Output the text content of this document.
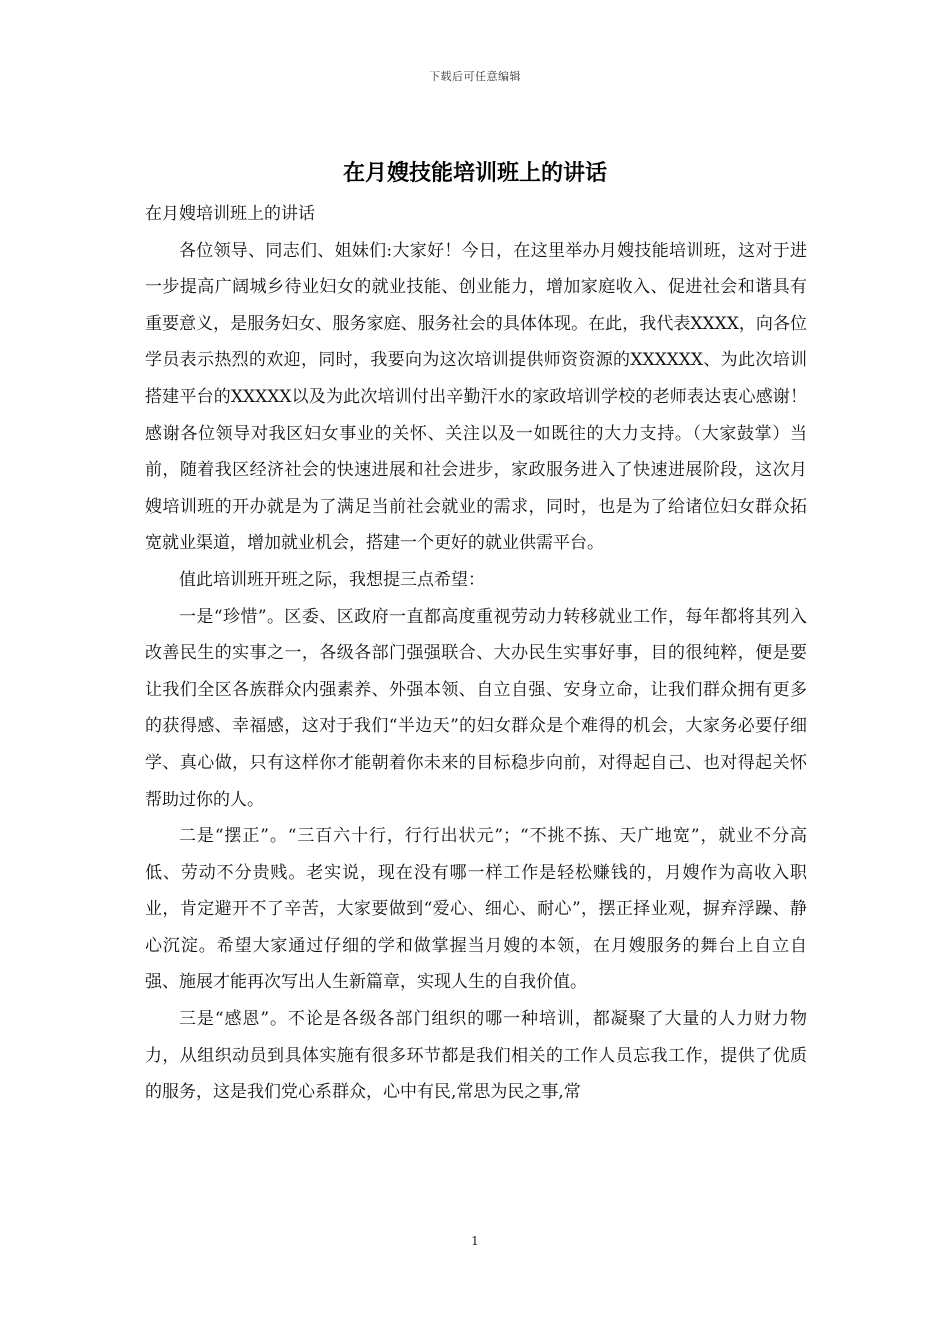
下载后可任意编辑
在月嫂技能培训班上的讲话

在月嫂培训班上的讲话

各位领导、同志们、姐妹们:大家好！今日，在这里举办月嫂技能培训班，这对于进一步提高广阔城乡待业妇女的就业技能、创业能力，增加家庭收入、促进社会和谐具有重要意义，是服务妇女、服务家庭、服务社会的具体体现。在此，我代表XXXX，向各位学员表示热烈的欢迎，同时，我要向为这次培训提供师资资源的XXXXXX、为此次培训搭建平台的XXXXX以及为此次培训付出辛勤汗水的家政培训学校的老师表达衷心感谢！感谢各位领导对我区妇女事业的关怀、关注以及一如既往的大力支持。（大家鼓掌）当前，随着我区经济社会的快速进展和社会进步，家政服务进入了快速进展阶段，这次月嫂培训班的开办就是为了满足当前社会就业的需求，同时，也是为了给诸位妇女群众拓宽就业渠道，增加就业机会，搭建一个更好的就业供需平台。

值此培训班开班之际，我想提三点希望：

一是“珍惜”。区委、区政府一直都高度重视劳动力转移就业工作，每年都将其列入改善民生的实事之一，各级各部门强强联合、大办民生实事好事，目的很纯粹，便是要让我们全区各族群众内强素养、外强本领、自立自强、安身立命，让我们群众拥有更多的获得感、幸福感，这对于我们“半边天”的妇女群众是个难得的机会，大家务必要仔细学、真心做，只有这样你才能朝着你未来的目标稳步向前，对得起自己、也对得起关怀帮助过你的人。

二是“摆正”。“三百六十行，行行出状元”；“不挑不拣、天广地宽”，就业不分高低、劳动不分贵贱。老实说，现在没有哪一样工作是轻松赚钱的，月嫂作为高收入职业，肯定避开不了辛苦，大家要做到“爱心、细心、耐心”，摆正择业观，摒弃浮躁、静心沉淀。希望大家通过仔细的学和做掌握当月嫂的本领，在月嫂服务的舞台上自立自强、施展才能再次写出人生新篇章，实现人生的自我价值。

三是“感恩”。不论是各级各部门组织的哪一种培训，都凝聚了大量的人力财力物力，从组织动员到具体实施有很多环节都是我们相关的工作人员忘我工作，提供了优质的服务，这是我们党心系群众，心中有民,常思为民之事,常

1
